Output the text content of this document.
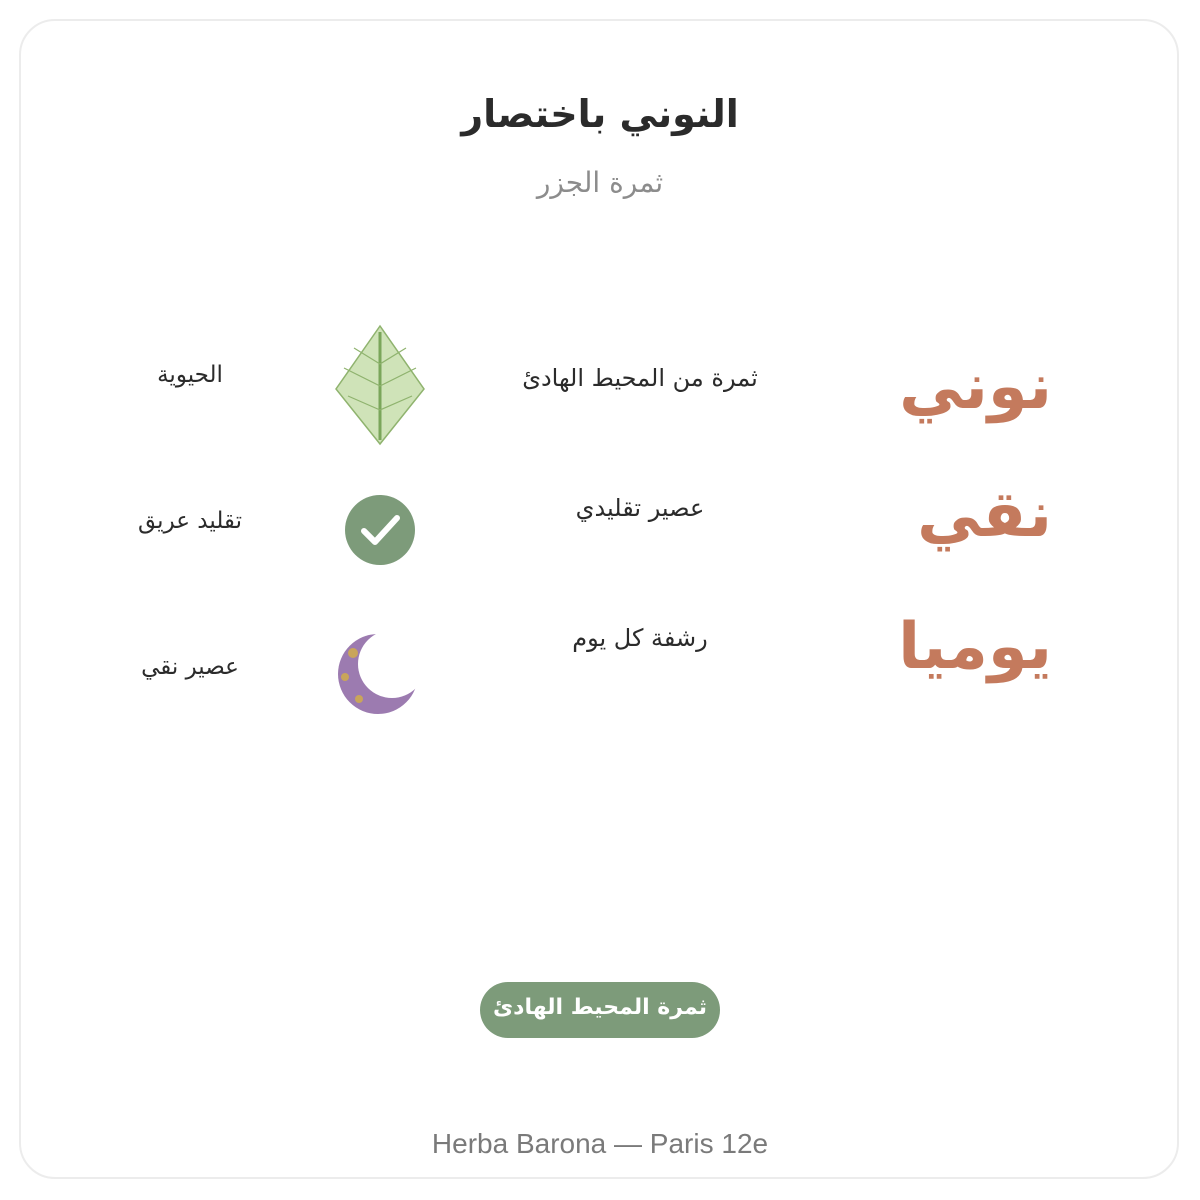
النوني باختصار
ثمرة الجزر
نوني
ثمرة من المحيط الهادئ
الحيوية
نقي
عصير تقليدي
تقليد عريق
يوميا
رشفة كل يوم
عصير نقي
ثمرة المحيط الهادئ
Herba Barona — Paris 12e
